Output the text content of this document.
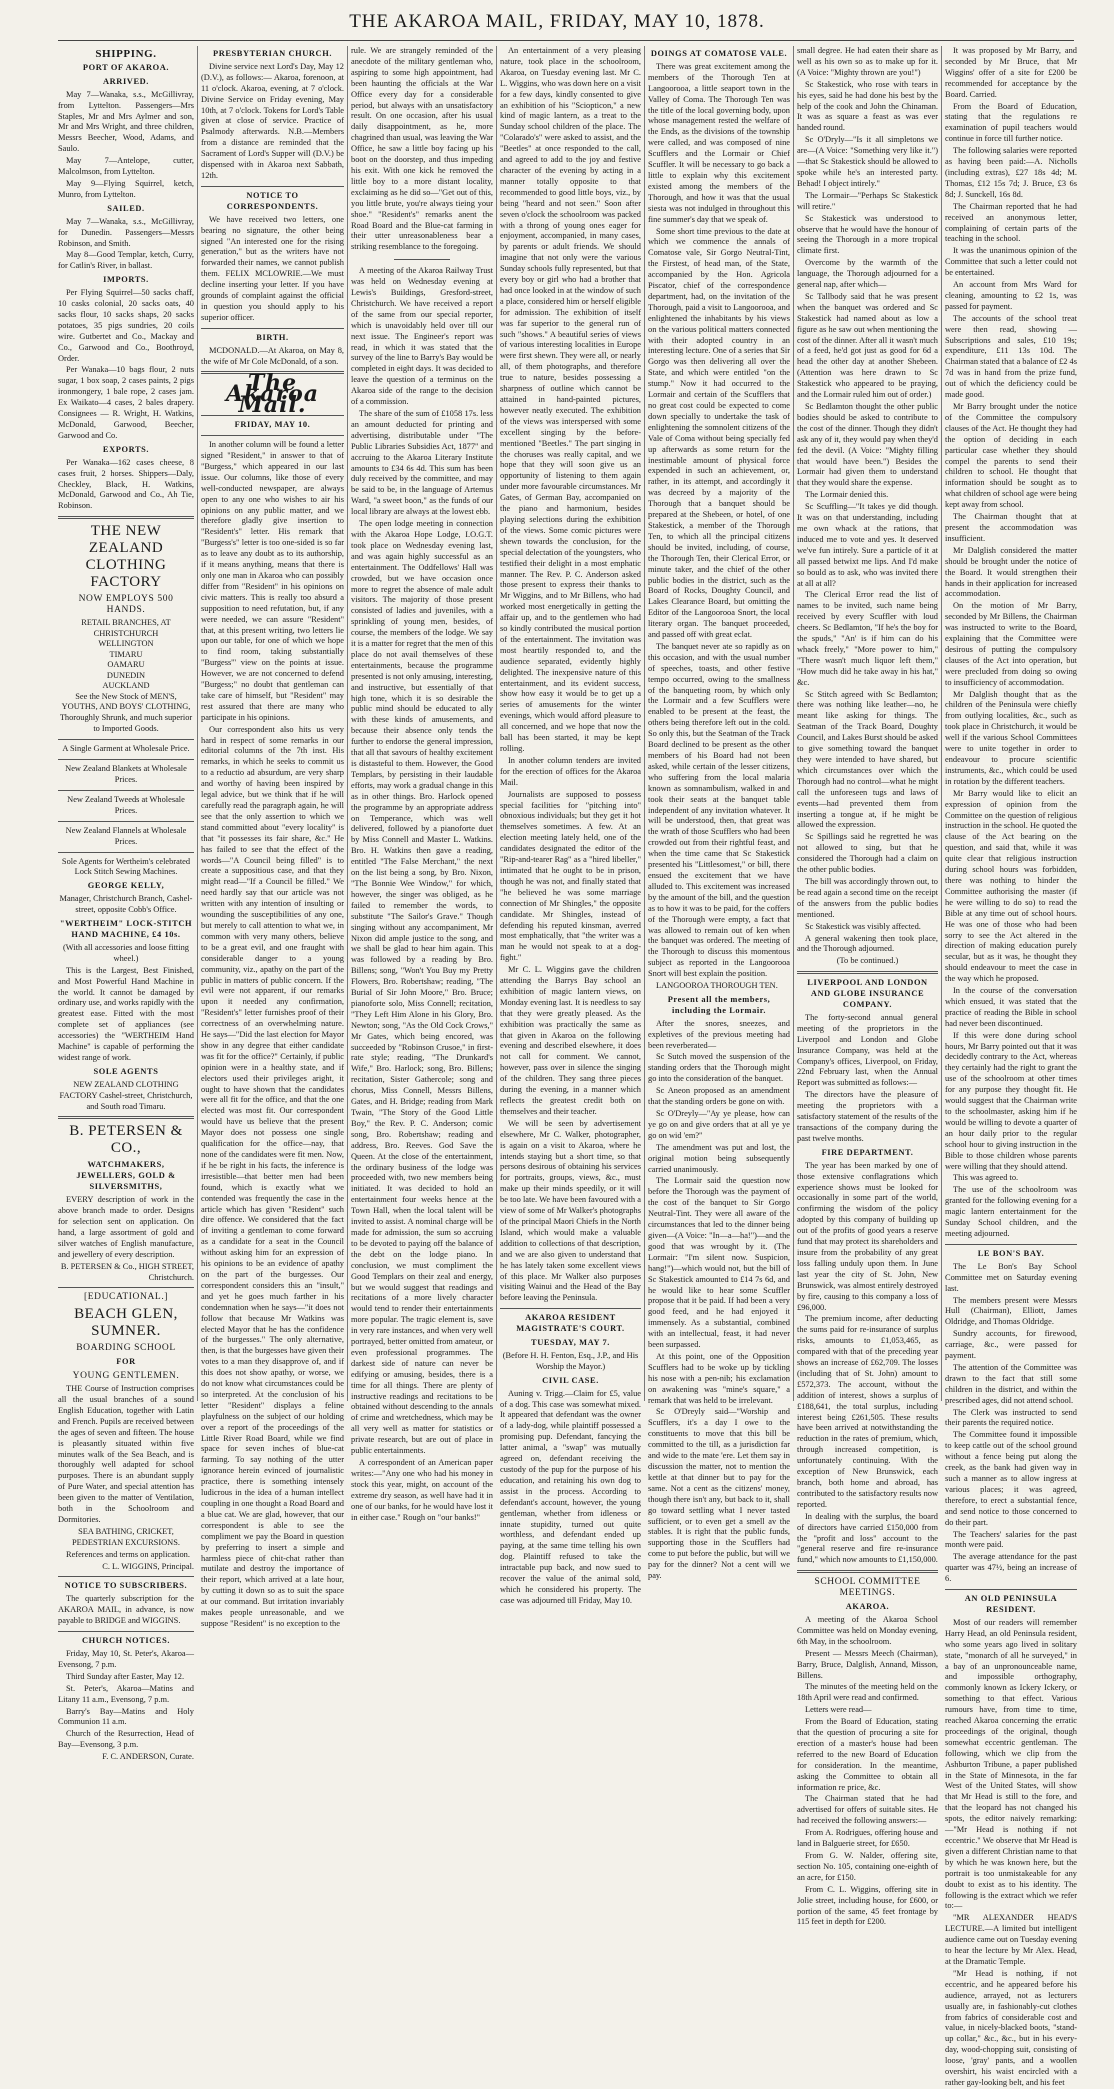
THE AKAROA MAIL, FRIDAY, MAY 10, 1878.
SHIPPING.
PORT OF AKAROA.
ARRIVED.

May 7—Wanaka, s.s., McGillivray, from Lyttelton. Passengers—Mrs Staples, Mr and Mrs Aylmer and son, Mr and Mrs Wright, and three children, Messrs Beecher, Wood, Adams, and Saulo.

May 7—Antelope, cutter, Malcolmson, from Lyttelton.

May 9—Flying Squirrel, ketch, Munro, from Lyttelton.

SAILED.

May 7—Wanaka, s.s., McGillivray, for Dunedin. Passengers—Messrs Robinson, and Smith.

May 8—Good Templar, ketch, Curry, for Catlin's River, in ballast.

IMPORTS.

Per Flying Squirrel—50 sacks chaff, 10 casks colonial, 20 sacks oats, 40 sacks flour, 10 sacks shaps, 20 sacks potatoes, 35 pigs sundries, 20 coils wire. Gutbertet and Co., Mackay and Co., Garwood and Co., Boothroyd, Order.

Per Wanaka—10 bags flour, 2 nuts sugar, 1 box soap, 2 cases paints, 2 pigs ironmongery, 1 bale rope, 2 cases jam. Ex Waikato—4 cases, 2 bales drapery. Consignees — R. Wright, H. Watkins, McDonald, Garwood, Beecher, Garwood and Co.

EXPORTS.

Per Wanaka—162 cases cheese, 8 cases fruit, 2 horses. Shippers—Daly, Checkley, Black, H. Watkins, McDonald, Garwood and Co., Ah Tie, Robinson.

THE NEW ZEALAND CLOTHING FACTORY
NOW EMPLOYS 500 HANDS.
RETAIL BRANCHES, AT
CHRISTCHURCH
WELLINGTON
TIMARU
OAMARU
DUNEDIN
AUCKLAND

See the New Stock of MEN'S, YOUTHS, AND BOYS' CLOTHING, Thoroughly Shrunk, and much superior to Imported Goods.

A Single Garment at Wholesale Price.

New Zealand Blankets at Wholesale Prices.

New Zealand Tweeds at Wholesale Prices.

New Zealand Flannels at Wholesale Prices.

Sole Agents for Wertheim's celebrated Lock Stitch Sewing Machines.

GEORGE KELLY,

Manager, Christchurch Branch, Cashel-street, opposite Cobb's Office.

"WERTHEIM" LOCK-STITCH HAND MACHINE, £4 10s.

(With all accessories and loose fitting wheel.)

This is the Largest, Best Finished, and Most Powerful Hand Machine in the world. It cannot be damaged by ordinary use, and works rapidly with the greatest ease. Fitted with the most complete set of appliances (see accessories) the "WERTHEIM Hand Machine" is capable of performing the widest range of work.

SOLE AGENTS

NEW ZEALAND CLOTHING FACTORY Cashel-street, Christchurch, and South road Timaru.

B. PETERSEN & CO.,
WATCHMAKERS, JEWELLERS, GOLD & SILVERSMITHS,

EVERY description of work in the above branch made to order. Designs for selection sent on application. On hand, a large assortment of gold and silver watches of English manufacture, and jewellery of every description.

B. PETERSEN & Co., HIGH STREET, Christchurch.

[EDUCATIONAL.]
BEACH GLEN, SUMNER.
BOARDING SCHOOL
FOR
YOUNG GENTLEMEN.

THE Course of Instruction comprises all the usual branches of a sound English Education, together with Latin and French. Pupils are received between the ages of seven and fifteen. The house is pleasantly situated within five minutes walk of the Sea Beach, and is thoroughly well adapted for school purposes. There is an abundant supply of Pure Water, and special attention has been given to the matter of Ventilation, both in the Schoolroom and Dormitories.

SEA BATHING, CRICKET, PEDESTRIAN EXCURSIONS.

References and terms on application.

C. L. WIGGINS, Principal.

NOTICE TO SUBSCRIBERS.

The quarterly subscription for the AKAROA MAIL, in advance, is now payable to BRIDGE and WIGGINS.

CHURCH NOTICES.

Friday, May 10, St. Peter's, Akaroa—Evensong, 7 p.m.

Third Sunday after Easter, May 12.

St. Peter's, Akaroa—Matins and Litany 11 a.m., Evensong, 7 p.m.

Barry's Bay—Matins and Holy Communion 11 a.m.

Church of the Resurrection, Head of Bay—Evensong, 3 p.m.

F. C. ANDERSON, Curate.

PRESBYTERIAN CHURCH.

Divine service next Lord's Day, May 12 (D.V.), as follows:— Akaroa, forenoon, at 11 o'clock. Akaroa, evening, at 7 o'clock. Divine Service on Friday evening, May 10th, at 7 o'clock. Tokens for Lord's Table given at close of service. Practice of Psalmody afterwards. N.B.—Members from a distance are reminded that the Sacrament of Lord's Supper will (D.V.) be dispensed with in Akaroa next Sabbath, 12th.

NOTICE TO CORRESPONDENTS.

We have received two letters, one bearing no signature, the other being signed "An interested one for the rising generation," but as the writers have not forwarded their names, we cannot publish them. FELIX MCLOWRIE.—We must decline inserting your letter. If you have grounds of complaint against the official in question you should apply to his superior officer.

BIRTH.

MCDONALD.—At Akaroa, on May 8, the wife of Mr Cole McDonald, of a son.

The Akaroa Mail.
FRIDAY, MAY 10.

In another column will be found a letter signed "Resident," in answer to that of "Burgess," which appeared in our last issue. Our columns, like those of every well-conducted newspaper, are always open to any one who wishes to air his opinions on any public matter, and we therefore gladly give insertion to "Resident's" letter. His remark that "Burgess's" letter is too one-sided is so far as to leave any doubt as to its authorship, if it means anything, means that there is only one man in Akaroa who can possibly differ from "Resident" in his opinions on civic matters. This is really too absurd a supposition to need refutation, but, if any were needed, we can assure "Resident" that, at this present writing, two letters lie upon our table, for one of which we hope to find room, taking substantially "Burgess'" view on the points at issue. However, we are not concerned to defend "Burgess;" no doubt that gentleman can take care of himself, but "Resident" may rest assured that there are many who participate in his opinions.

Our correspondent also hits us very hard in respect of some remarks in our editorial columns of the 7th inst. His remarks, in which he seeks to commit us to a reductio ad absurdum, are very sharp and worthy of having been inspired by legal advice, but we think that if he will carefully read the paragraph again, he will see that the only assertion to which we stand committed about "every locality" is that "it possesses its fair share, &c." He has failed to see that the effect of the words—"A Council being filled" is to create a suppositious case, and that they might read—"If a Council be filled." We need hardly say that our article was not written with any intention of insulting or wounding the susceptibilities of any one, but merely to call attention to what we, in common with very many others, believe to be a great evil, and one fraught with considerable danger to a young community, viz., apathy on the part of the public in matters of public concern. If the evil were not apparent, if our remarks upon it needed any confirmation, "Resident's" letter furnishes proof of their correctness of an overwhelming nature. He says—"Did the last election for Mayor show in any degree that either candidate was fit for the office?" Certainly, if public opinion were in a healthy state, and if electors used their privileges aright, it ought to have shown that the candidates were all fit for the office, and that the one elected was most fit. Our correspondent would have us believe that the present Mayor does not possess one single qualification for the office—nay, that none of the candidates were fit men. Now, if he be right in his facts, the inference is irresistible—that better men had been found, which is exactly what we contended was frequently the case in the article which has given "Resident" such dire offence. We considered that the fact of inviting a gentleman to come forward as a candidate for a seat in the Council without asking him for an expression of his opinions to be an evidence of apathy on the part of the burgesses. Our correspondent considers this an "insult," and yet he goes much farther in his condemnation when he says—"it does not follow that because Mr Watkins was elected Mayor that he has the confidence of the burgesses." The only alternative, then, is that the burgesses have given their votes to a man they disapprove of, and if this does not show apathy, or worse, we do not know what circumstances could be so interpreted. At the conclusion of his letter "Resident" displays a feline playfulness on the subject of our holding over a report of the proceedings of the Little River Road Board, while we find space for seven inches of blue-cat farming. To say nothing of the utter ignorance herein evinced of journalistic practice, there is something intensely ludicrous in the idea of a human intellect coupling in one thought a Road Board and a blue cat. We are glad, however, that our correspondent is able to see the compliment we pay the Board in question by preferring to insert a simple and harmless piece of chit-chat rather than mutilate and destroy the importance of their report, which arrived at a late hour, by cutting it down so as to suit the space at our command. But irritation invariably makes people unreasonable, and we suppose "Resident" is no exception to the

rule. We are strangely reminded of the anecdote of the military gentleman who, aspiring to some high appointment, had been haunting the officials at the War Office every day for a considerable period, but always with an unsatisfactory result. On one occasion, after his usual daily disappointment, as he, more chagrined than usual, was leaving the War Office, he saw a little boy facing up his boot on the doorstep, and thus impeding his exit. With one kick he removed the little boy to a more distant locality, exclaiming as he did so—"Get out of this, you little brute, you're always tieing your shoe." "Resident's" remarks anent the Road Board and the Blue-cat farming in their utter unreasonableness bear a striking resemblance to the foregoing.

A meeting of the Akaroa Railway Trust was held on Wednesday evening at Lewis's Buildings, Gresford-street, Christchurch. We have received a report of the same from our special reporter, which is unavoidably held over till our next issue. The Engineer's report was read, in which it was stated that the survey of the line to Barry's Bay would be completed in eight days. It was decided to leave the question of a terminus on the Akaroa side of the range to the decision of a commission.

The share of the sum of £1058 17s. less an amount deducted for printing and advertising, distributable under "The Public Libraries Subsidies Act, 1877" and accruing to the Akaroa Literary Institute amounts to £34 6s 4d. This sum has been duly received by the committee, and may be said to be, in the language of Artemus Ward, "a sweet boon," as the funds of our local library are always at the lowest ebb.

The open lodge meeting in connection with the Akaroa Hope Lodge, I.O.G.T. took place on Wednesday evening last, and was again highly successful as an entertainment. The Oddfellows' Hall was crowded, but we have occasion once more to regret the absence of male adult visitors. The majority of those present consisted of ladies and juveniles, with a sprinkling of young men, besides, of course, the members of the lodge. We say it is a matter for regret that the men of this place do not avail themselves of these entertainments, because the programme presented is not only amusing, interesting, and instructive, but essentially of that high tone, which it is so desirable the public mind should be educated to ally with these kinds of amusements, and because their absence only tends the further to endorse the general impression, that all that savours of healthy excitement is distasteful to them. However, the Good Templars, by persisting in their laudable efforts, may work a gradual change in this as in other things. Bro. Harlock opened the programme by an appropriate address on Temperance, which was well delivered, followed by a pianoforte duet by Miss Connell and Master L. Watkins. Bro. H. Watkins then gave a reading, entitled "The False Merchant," the next on the list being a song, by Bro. Nixon, "The Bonnie Wee Window," for which, however, the singer was obliged, as he failed to remember the words, to substitute "The Sailor's Grave." Though singing without any accompaniment, Mr Nixon did ample justice to the song, and we shall be glad to hear him again. This was followed by a reading by Bro. Billens; song, "Won't You Buy my Pretty Flowers, Bro. Robertshaw; reading, "The Burial of Sir John Moore," Bro. Bruce; pianoforte solo, Miss Connell; recitation, "They Left Him Alone in his Glory, Bro. Newton; song, "As the Old Cock Crows," Mr Gates, which being encored, was succeeded by "Robinson Crusoe," in first-rate style; reading, "The Drunkard's Wife," Bro. Harlock; song, Bro. Billens; recitation, Sister Gathercole; song and chorus, Miss Connell, Messrs Billens, Gates, and H. Bridge; reading from Mark Twain, "The Story of the Good Little Boy," the Rev. P. C. Anderson; comic song, Bro. Robertshaw; reading and address, Bro. Reeves. God Save the Queen. At the close of the entertainment, the ordinary business of the lodge was proceeded with, two new members being initiated. It was decided to hold an entertainment four weeks hence at the Town Hall, when the local talent will be invited to assist. A nominal charge will be made for admission, the sum so accruing to be devoted to paying off the balance of the debt on the lodge piano. In conclusion, we must compliment the Good Templars on their zeal and energy, but we would suggest that readings and recitations of a more lively character would tend to render their entertainments more popular. The tragic element is, save in very rare instances, and when very well portrayed, better omitted from amateur, or even professional programmes. The darkest side of nature can never be edifying or amusing, besides, there is a time for all things. There are plenty of instructive readings and recitations to be obtained without descending to the annals of crime and wretchedness, which may be all very well as matter for statistics or private research, but are out of place in public entertainments.

A correspondent of an American paper writes:—"Any one who had his money in stock this year, might, on account of the extreme dry season, as well have had it in one of our banks, for he would have lost it in either case." Rough on "our banks!"

An entertainment of a very pleasing nature, took place in the schoolroom, Akaroa, on Tuesday evening last. Mr C. L. Wiggins, who was down here on a visit for a few days, kindly consented to give an exhibition of his "Sciopticon," a new kind of magic lantern, as a treat to the Sunday school children of the place. The "Colarado's" were asked to assist, and the "Beetles" at once responded to the call, and agreed to add to the joy and festive character of the evening by acting in a manner totally opposite to that recommended to good little boys, viz., by being "heard and not seen." Soon after seven o'clock the schoolroom was packed with a throng of young ones eager for enjoyment, accompanied, in many cases, by parents or adult friends. We should imagine that not only were the various Sunday schools fully represented, but that every boy or girl who had a brother that had once looked in at the window of such a place, considered him or herself eligible for admission. The exhibition of itself was far superior to the general run of such "shows." A beautiful series of views of various interesting localities in Europe were first shewn. They were all, or nearly all, of them photographs, and therefore true to nature, besides possessing a sharpness of outline which cannot be attained in hand-painted pictures, however neatly executed. The exhibition of the views was interspersed with some excellent singing by the before-mentioned "Beetles." The part singing in the choruses was really capital, and we hope that they will soon give us an opportunity of listening to them again under more favourable circumstances. Mr Gates, of German Bay, accompanied on the piano and harmonium, besides playing selections during the exhibition of the views. Some comic pictures were shewn towards the conclusion, for the special delectation of the youngsters, who testified their delight in a most emphatic manner. The Rev. P. C. Anderson asked those present to express their thanks to Mr Wiggins, and to Mr Billens, who had worked most energetically in getting the affair up, and to the gentlemen who had so kindly contributed the musical portion of the entertainment. The invitation was most heartily responded to, and the audience separated, evidently highly delighted. The inexpensive nature of this entertainment, and its evident success, show how easy it would be to get up a series of amusements for the winter evenings, which would afford pleasure to all concerned, and we hope that now the ball has been started, it may be kept rolling.

In another column tenders are invited for the erection of offices for the Akaroa Mail.

Journalists are supposed to possess special facilities for "pitching into" obnoxious individuals; but they get it hot themselves sometimes. A few. At an election meeting lately held, one of the candidates designated the editor of the "Rip-and-tearer Rag" as a "hired libeller," intimated that he ought to be in prison, though he was not, and finally stated that "he believed he was some marriage connection of Mr Shingles," the opposite candidate. Mr Shingles, instead of defending his reputed kinsman, averred most emphatically, that "the writer was a man he would not speak to at a dog-fight."

Mr C. L. Wiggins gave the children attending the Barrys Bay school an exhibition of magic lantern views, on Monday evening last. It is needless to say that they were greatly pleased. As the exhibition was practically the same as that given in Akaroa on the following evening and described elsewhere, it does not call for comment. We cannot, however, pass over in silence the singing of the children. They sang three pieces during the evening, in a manner which reflects the greatest credit both on themselves and their teacher.

We will be seen by advertisement elsewhere, Mr C. Walker, photographer, is again on a visit to Akaroa, where he intends staying but a short time, so that persons desirous of obtaining his services for portraits, groups, views, &c., must make up their minds speedily, or it will be too late. We have been favoured with a view of some of Mr Walker's photographs of the principal Maori Chiefs in the North Island, which would make a valuable addition to collections of that description, and we are also given to understand that he has lately taken some excellent views of this place. Mr Walker also purposes visiting Wainui and the Head of the Bay before leaving the Peninsula.

AKAROA RESIDENT MAGISTRATE'S COURT.
TUESDAY, MAY 7.

(Before H. H. Fenton, Esq., J.P., and His Worship the Mayor.)

CIVIL CASE.

Auning v. Trigg.—Claim for £5, value of a dog. This case was somewhat mixed. It appeared that defendant was the owner of a lady-dog, while plaintiff possessed a promising pup. Defendant, fancying the latter animal, a "swap" was mutually agreed on, defendant receiving the custody of the pup for the purpose of his education, and retaining his own dog to assist in the process. According to defendant's account, however, the young gentleman, whether from idleness or innate stupidity, turned out quite worthless, and defendant ended up paying, at the same time telling his own dog. Plaintiff refused to take the intractable pup back, and now sued to recover the value of the animal sold, which he considered his property. The case was adjourned till Friday, May 10.

DOINGS AT COMATOSE VALE.

There was great excitement among the members of the Thorough Ten at Langoorooa, a little seaport town in the Valley of Coma. The Thorough Ten was the title of the local governing body, upon whose management rested the welfare of the Ends, as the divisions of the township were called, and was composed of nine Scufflers and the Lormair or Chief Scuffler. It will be necessary to go back a little to explain why this excitement existed among the members of the Thorough, and how it was that the usual siesta was not indulged in throughout this fine summer's day that we speak of.

Some short time previous to the date at which we commence the annals of Comatose vale, Sir Gorgo Neutral-Tint, the Firstest, of head man, of the State, accompanied by the Hon. Agricola Piscator, chief of the correspondence department, had, on the invitation of the Thorough, paid a visit to Langoorooa, and enlightened the inhabitants by his views on the various political matters connected with their adopted country in an interesting lecture. One of a series that Sir Gorgo was then delivering all over the State, and which were entitled "on the stump." Now it had occurred to the Lormair and certain of the Scufflers that no great cost could be expected to come down specially to undertake the task of enlightening the somnolent citizens of the Vale of Coma without being specially fed up afterwards as some return for the inestimable amount of physical force expended in such an achievement, or, rather, in its attempt, and accordingly it was decreed by a majority of the Thorough that a banquet should be prepared at the Shebeen, or hotel, of one Stakestick, a member of the Thorough Ten, to which all the principal citizens should be invited, including, of course, the Thorough Ten, their Clerical Error, or minute taker, and the chief of the other public bodies in the district, such as the Board of Rocks, Doughty Council, and Lakes Clearance Board, but omitting the Editor of the Langoorooa Snort, the local literary organ. The banquet proceeded, and passed off with great eclat.

The banquet never ate so rapidly as on this occasion, and with the usual number of speeches, toasts, and other festive tempo occurred, owing to the smallness of the banqueting room, by which only the Lormair and a few Scufflers were enabled to be present at the feast, the others being therefore left out in the cold. So only this, but the Seatman of the Track Board declined to be present as the other members of his Board had not been asked, while certain of the lesser citizens, who suffering from the local malaria known as somnambulism, walked in and took their seats at the banquet table independent of any invitation whatever. It will be understood, then, that great was the wrath of those Scufflers who had been crowded out from their rightful feast, and when the time came that Sc Stakestick presented his "Littlesomest," or bill, there ensued the excitement that we have alluded to. This excitement was increased by the amount of the bill, and the question as to how it was to be paid, for the coffers of the Thorough were empty, a fact that was allowed to remain out of ken when the banquet was ordered. The meeting of the Thorough to discuss this momentous subject as reported in the Langoorooa Snort will best explain the position.

LANGOOROA THOROUGH TEN.

Present all the members, including the Lormair.

After the snores, sneezes, and expletives of the previous meeting had been reverberated—

Sc Sutch moved the suspension of the standing orders that the Thorough might go into the consideration of the banquet.

Sc Aneon proposed as an amendment that the standing orders be gone on with.

Sc O'Dreyly—"Ay ye please, how can ye go on and give orders that at all ye ye go on wid 'em?"

The amendment was put and lost, the original motion being subsequently carried unanimously.

The Lormair said the question now before the Thorough was the payment of the cost of the banquet to Sir Gorgo Neutral-Tint. They were all aware of the circumstances that led to the dinner being given—(A Voice: "In—a—ha!")—and the good that was wrought by it. (The Lormair: "I'm silent now. Suspicion, hang!")—which would not, but the bill of Sc Stakestick amounted to £14 7s 6d, and he would like to hear some Scuffler propose that it be paid. If had been a very good feed, and he had enjoyed it immensely. As a substantial, combined with an intellectual, feast, it had never been surpassed.

At this point, one of the Opposition Scufflers had to be woke up by tickling his nose with a pen-nib; his exclamation on awakening was "mine's square," a remark that was held to be irrelevant.

Sc O'Dreyly said—"Worship and Scufflers, it's a day I owe to the constituents to move that this bill be committed to the till, as a jurisdiction far and wide to the mate 'ere. Let them say in discussion the matter, not to mention the kettle at that dinner but to pay for the same. Not a cent as the citizens' money, though there isn't any, but back to it, shall go toward settling what I never tasted sufficient, or to even get a smell av the stables. It is right that the public funds, supporting those in the Scufflers had come to put before the public, but will we pay for the dinner? Not a cent will we pay.

small degree. He had eaten their share as well as his own so as to make up for it. (A Voice: "Mighty thrown are you!")

Sc Stakestick, who rose with tears in his eyes, said he had done his best by the help of the cook and John the Chinaman. It was as square a feast as was ever handed round.

Sc O'Dryly—"Is it all simpletons we are—(A Voice: "Something very like it.")—that Sc Stakestick should be allowed to spoke while he's an interested party. Behad! I object intirely."

The Lormair—"Perhaps Sc Stakestick will retire."

Sc Stakestick was understood to observe that he would have the honour of seeing the Thorough in a more tropical climate first.

Overcome by the warmth of the language, the Thorough adjourned for a general nap, after which—

Sc Tallbody said that he was present when the banquet was ordered and Sc Stakestick had named about as low a figure as he saw out when mentioning the cost of the dinner. After all it wasn't much of a feed, he'd got just as good for 6d a head the other day at another Shebeen. (Attention was here drawn to Sc Stakestick who appeared to be praying, and the Lormair ruled him out of order.)

Sc Bedlamton thought the other public bodies should be asked to contribute to the cost of the dinner. Though they didn't ask any of it, they would pay when they'd fed the devil. (A Voice: "Mighty filling that would have been.") Besides the Lormair had given them to understand that they would share the expense.

The Lormair denied this.

Sc Scuffling—"It takes ye did though. It was on that understanding, including me own whack at the rations, that induced me to vote and yes. It deserved we've fun intirely. Sure a particle of it at all passed betwixt me lips. And I'd make so bould as to ask, who was invited there at all at all?

The Clerical Error read the list of names to be invited, such name being received by every Scuffler with loud cheers. Sc Bedlamton, "If he's the boy for the spuds," "An' is if him can do his whack freely," "More power to him," "There wasn't much liquor left them," "How much did he take away in his hat," &c.

Sc Stitch agreed with Sc Bedlamton; there was nothing like leather—no, he meant like asking for things. The Seatman of the Track Board, Doughty Council, and Lakes Burst should be asked to give something toward the banquet they were intended to have shared, but which circumstances over which the Thorough had no control—what he might call the unforeseen tugs and laws of events—had prevented them from inserting a tongue at, if he might be allowed the expression.

Sc Spillings said he regretted he was not allowed to sing, but that he considered the Thorough had a claim on the other public bodies.

The bill was accordingly thrown out, to be read again a second time on the receipt of the answers from the public bodies mentioned.

Sc Stakestick was visibly affected.

A general wakening then took place, and the Thorough adjourned.

(To be continued.)

LIVERPOOL AND LONDON AND GLOBE INSURANCE COMPANY.

The forty-second annual general meeting of the proprietors in the Liverpool and London and Globe Insurance Company, was held at the Company's offices, Liverpool, on Friday, 22nd February last, when the Annual Report was submitted as follows:—

The directors have the pleasure of meeting the proprietors with a satisfactory statement of the results of the transactions of the company during the past twelve months.

FIRE DEPARTMENT.

The year has been marked by one of those extensive conflagrations which experience shows must be looked for occasionally in some part of the world, confirming the wisdom of the policy adopted by this company of building up out of the profits of good years a reserve fund that may protect its shareholders and insure from the probability of any great loss falling unduly upon them. In June last year the city of St. John, New Brunswick, was almost entirely destroyed by fire, causing to this company a loss of £96,000.

The premium income, after deducting the sums paid for re-insurance of surplus risks, amounts to £1,053,465, as compared with that of the preceding year shows an increase of £62,709. The losses (including that of St. John) amount to £572,373. The account, without the addition of interest, shows a surplus of £188,641, the total surplus, including interest being £261,505. These results have been arrived at notwithstanding the reduction in the rates of premium, which, through increased competition, is unfortunately continuing. With the exception of New Brunswick, each branch, both home and abroad, has contributed to the satisfactory results now reported.

In dealing with the surplus, the board of directors have carried £150,000 from the "profit and loss" account to the "general reserve and fire re-insurance fund," which now amounts to £1,150,000.

SCHOOL COMMITTEE MEETINGS.
AKAROA.

A meeting of the Akaroa School Committee was held on Monday evening, 6th May, in the schoolroom.

Present — Messrs Meech (Chairman), Barry, Bruce, Dalglish, Annand, Misson, Billens.

The minutes of the meeting held on the 18th April were read and confirmed.

Letters were read—

From the Board of Education, stating that the question of procuring a site for erection of a master's house had been referred to the new Board of Education for consideration. In the meantime, asking the Committee to obtain all information re price, &c.

The Chairman stated that he had advertised for offers of suitable sites. He had received the following answers:—

From A. Rodrigues, offering house and land in Balguerie street, for £650.

From G. W. Nalder, offering site, section No. 105, containing one-eighth of an acre, for £150.

From C. L. Wiggins, offering site in Jolie street, including house, for £600, or portion of the same, 45 feet frontage by 115 feet in depth for £200.

It was proposed by Mr Barry, and seconded by Mr Bruce, that Mr Wiggins' offer of a site for £200 be recommended for acceptance by the Board. Carried.

From the Board of Education, stating that the regulations re examination of pupil teachers would continue in force till further notice.

The following salaries were reported as having been paid:—A. Nicholls (including extras), £27 18s 4d; M. Thomas, £12 15s 7d; J. Bruce, £3 6s 8d; J. Sunckell, 16s 8d.

The Chairman reported that he had received an anonymous letter, complaining of certain parts of the teaching in the school.

It was the unanimous opinion of the Committee that such a letter could not be entertained.

An account from Mrs Ward for cleaning, amounting to £2 1s, was passed for payment.

The accounts of the school treat were then read, showing — Subscriptions and sales, £10 19s; expenditure, £11 13s 10d. The Chairman stated that a balance of £2 4s 7d was in hand from the prize fund, out of which the deficiency could be made good.

Mr Barry brought under the notice of the Committee the compulsory clauses of the Act. He thought they had the option of deciding in each particular case whether they should compel the parents to send their children to school. He thought that information should be sought as to what children of school age were being kept away from school.

The Chairman thought that at present the accommodation was insufficient.

Mr Dalglish considered the matter should be brought under the notice of the Board. It would strengthen their hands in their application for increased accommodation.

On the motion of Mr Barry, seconded by Mr Billens, the Chairman was instructed to write to the Board, explaining that the Committee were desirous of putting the compulsory clauses of the Act into operation, but were precluded from doing so owing to insufficiency of accommodation.

Mr Dalglish thought that as the children of the Peninsula were chiefly from outlying localities, &c., such as took place in Christchurch, it would be well if the various School Committees were to unite together in order to endeavour to procure scientific instruments, &c., which could be used in rotation by the different teachers.

Mr Barry would like to elicit an expression of opinion from the Committee on the question of religious instruction in the school. He quoted the clause of the Act bearing on the question, and said that, while it was quite clear that religious instruction during school hours was forbidden, there was nothing to hinder the Committee authorising the master (if he were willing to do so) to read the Bible at any time out of school hours. He was one of those who had been sorry to see the Act altered in the direction of making education purely secular, but as it was, he thought they should endeavour to meet the case in the way which he proposed.

In the course of the conversation which ensued, it was stated that the practice of reading the Bible in school had never been discontinued.

If this were done during school hours, Mr Barry pointed out that it was decidedly contrary to the Act, whereas they certainly had the right to grant the use of the schoolroom at other times for any purpose they thought fit. He would suggest that the Chairman write to the schoolmaster, asking him if he would be willing to devote a quarter of an hour daily prior to the regular school hour to giving instruction in the Bible to those children whose parents were willing that they should attend.

This was agreed to.

The use of the schoolroom was granted for the following evening for a magic lantern entertainment for the Sunday School children, and the meeting adjourned.

LE BON'S BAY.

The Le Bon's Bay School Committee met on Saturday evening last.

The members present were Messrs Hull (Chairman), Elliott, James Oldridge, and Thomas Oldridge.

Sundry accounts, for firewood, carriage, &c., were passed for payment.

The attention of the Committee was drawn to the fact that still some children in the district, and within the prescribed ages, did not attend school.

The Clerk was instructed to send their parents the required notice.

The Committee found it impossible to keep cattle out of the school ground without a fence being put along the creek, as the bank had given way in such a manner as to allow ingress at various places; it was agreed, therefore, to erect a substantial fence, and send notice to those concerned to do their part.

The Teachers' salaries for the past month were paid.

The average attendance for the past quarter was 47½, being an increase of 6.

AN OLD PENINSULA RESIDENT.

Most of our readers will remember Harry Head, an old Peninsula resident, who some years ago lived in solitary state, "monarch of all he surveyed," in a bay of an unpronounceable name, and impossible orthography, commonly known as Ickery Ickery, or something to that effect. Various rumours have, from time to time, reached Akaroa concerning the erratic proceedings of the original, though somewhat eccentric gentleman. The following, which we clip from the Ashburton Tribune, a paper published in the State of Minnesota, in the far West of the United States, will show that Mr Head is still to the fore, and that the leopard has not changed his spots, the editor naively remarking:—"Mr Head is nothing if not eccentric." We observe that Mr Head is given a different Christian name to that by which he was known here, but the portrait is too unmistakeable for any doubt to exist as to his identity. The following is the extract which we refer to:—

"MR ALEXANDER HEAD'S LECTURE.—A limited but intelligent audience came out on Tuesday evening to hear the lecture by Mr Alex. Head, at the Dramatic Temple.

"Mr Head is nothing, if not eccentric, and he appeared before his audience, arrayed, not as lecturers usually are, in fashionably-cut clothes from fabrics of considerable cost and value, in nicely-blacked boots, "stand-up collar," &c., &c., but in his every-day, wood-chopping suit, consisting of loose, 'gray' pants, and a woollen overshirt, his waist encircled with a rather gay-looking belt, and his feet
